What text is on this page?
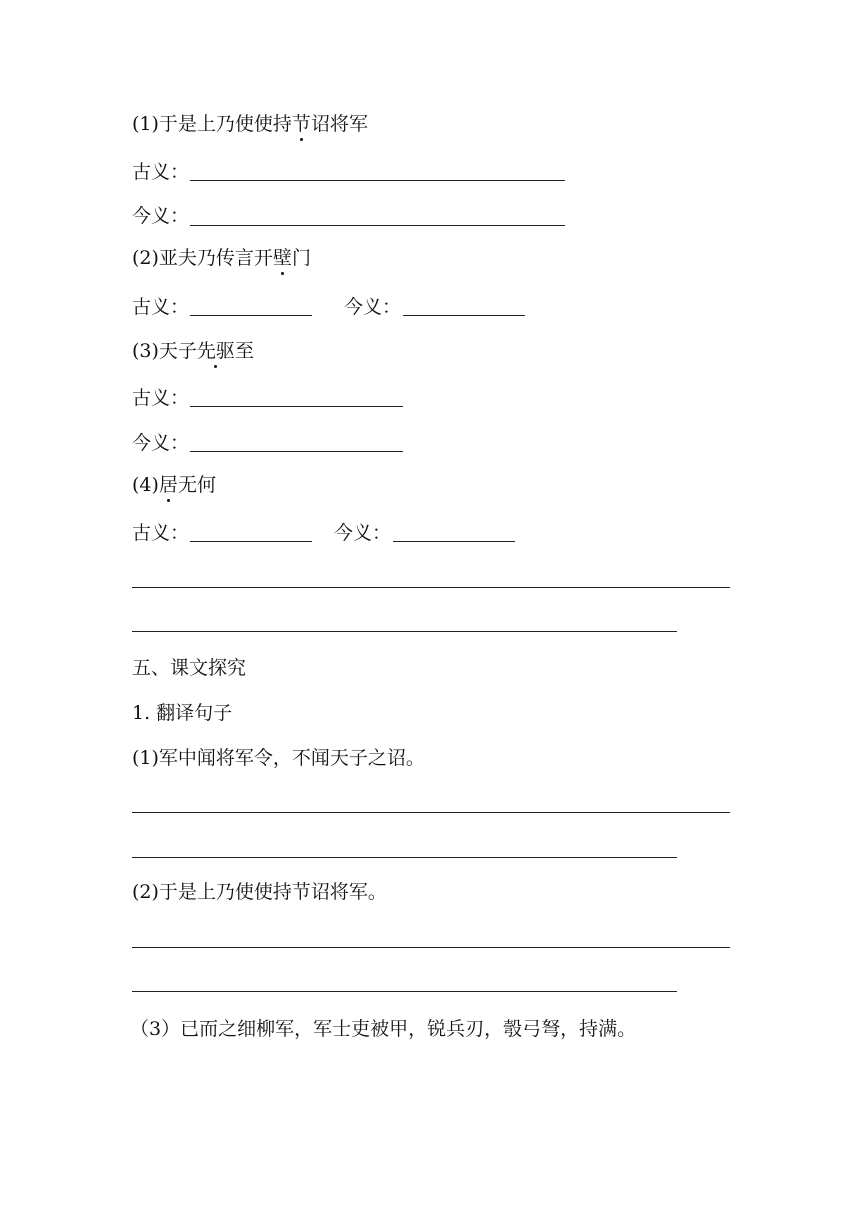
(1)于是上乃使使持节诏将军
古义：
今义：
(2)亚夫乃传言开壁门
古义：	今义：
(3)天子先驱至
古义：
今义：
(4)居无何
古义：	今义：
五、课文探究
1. 翻译句子
(1)军中闻将军令，不闻天子之诏。
(2)于是上乃使使持节诏将军。
（3）已而之细柳军，军士吏被甲，锐兵刃，彀弓弩，持满。
